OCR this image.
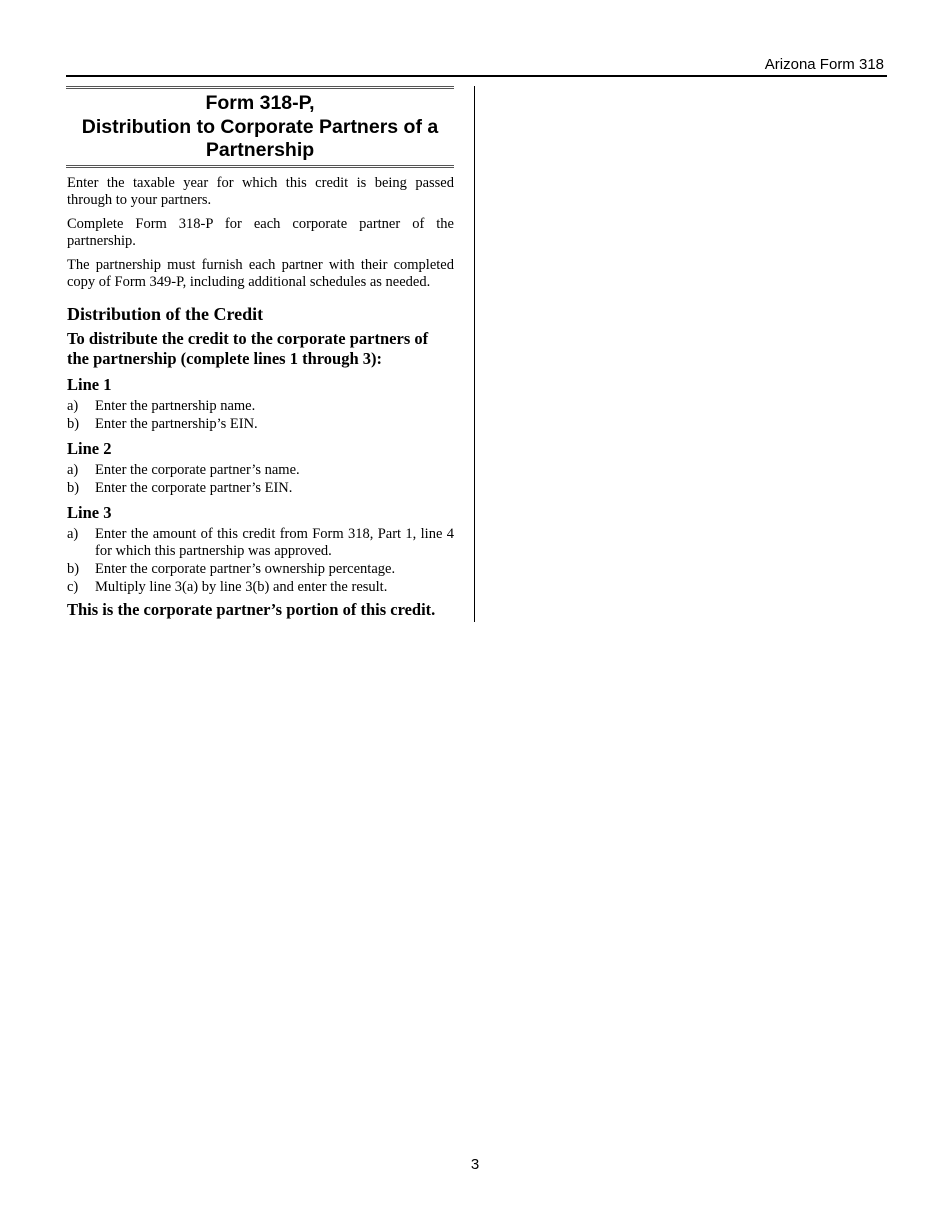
Arizona Form 318
Form 318-P,
Distribution to Corporate Partners of a
Partnership

Enter the taxable year for which this credit is being passed through to your partners.

Complete Form 318-P for each corporate partner of the partnership.

The partnership must furnish each partner with their completed copy of Form 349-P, including additional schedules as needed.

Distribution of the Credit
To distribute the credit to the corporate partners of the partnership (complete lines 1 through 3):
Line 1
a)	Enter the partnership name.
b)	Enter the partnership’s EIN.
Line 2
a)	Enter the corporate partner’s name.
b)	Enter the corporate partner’s EIN.
Line 3
a)	Enter the amount of this credit from Form 318, Part 1, line 4 for which this partnership was approved.
b)	Enter the corporate partner’s ownership percentage.
c)	Multiply line 3(a) by line 3(b) and enter the result.
This is the corporate partner’s portion of this credit.
3
